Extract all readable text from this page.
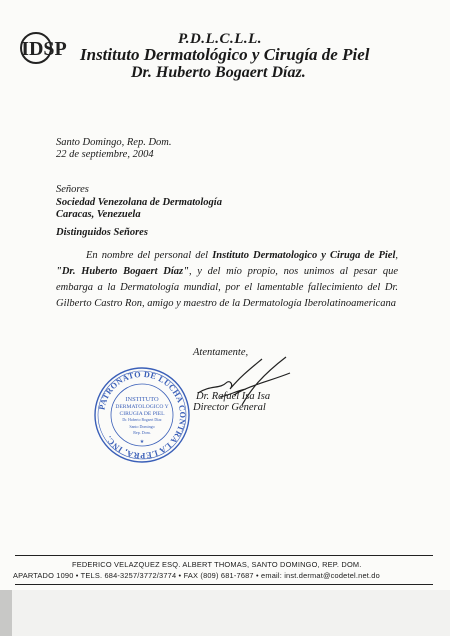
IDSP	P.D.L.C.L.L.
Instituto Dermatológico y Cirugía de Piel
Dr. Huberto Bogaert Díaz.
Santo Domingo, Rep. Dom.
22 de septiembre, 2004
Señores
Sociedad Venezolana de Dermatología
Caracas, Venezuela
Distinguidos Señores
En nombre del personal del Instituto Dermatologico y Ciruga de Piel, "Dr. Huberto Bogaert Díaz", y del mío propio, nos unimos al pesar que embarga a la Dermatología mundial, por el lamentable fallecimiento del Dr. Gilberto Castro Ron, amigo y maestro de la Dermatología Iberolatinoamericana
Atentamente,
Dr. Rafael Isa Isa
Director General
PATRONATO DE LUCHA CONTRA LA LEPRA, INC.
INSTITUTO
DERMATOLOGICO Y
CIRUGIA DE PIEL
Dr. Huberto Bogaert Díaz
Santo Domingo
Rep. Dom.
★
FEDERICO VELAZQUEZ ESQ. ALBERT THOMAS, SANTO DOMINGO, REP. DOM.
APARTADO 1090 • TELS. 684-3257/3772/3774 • FAX (809) 681-7687 • email: inst.dermat@codetel.net.do
